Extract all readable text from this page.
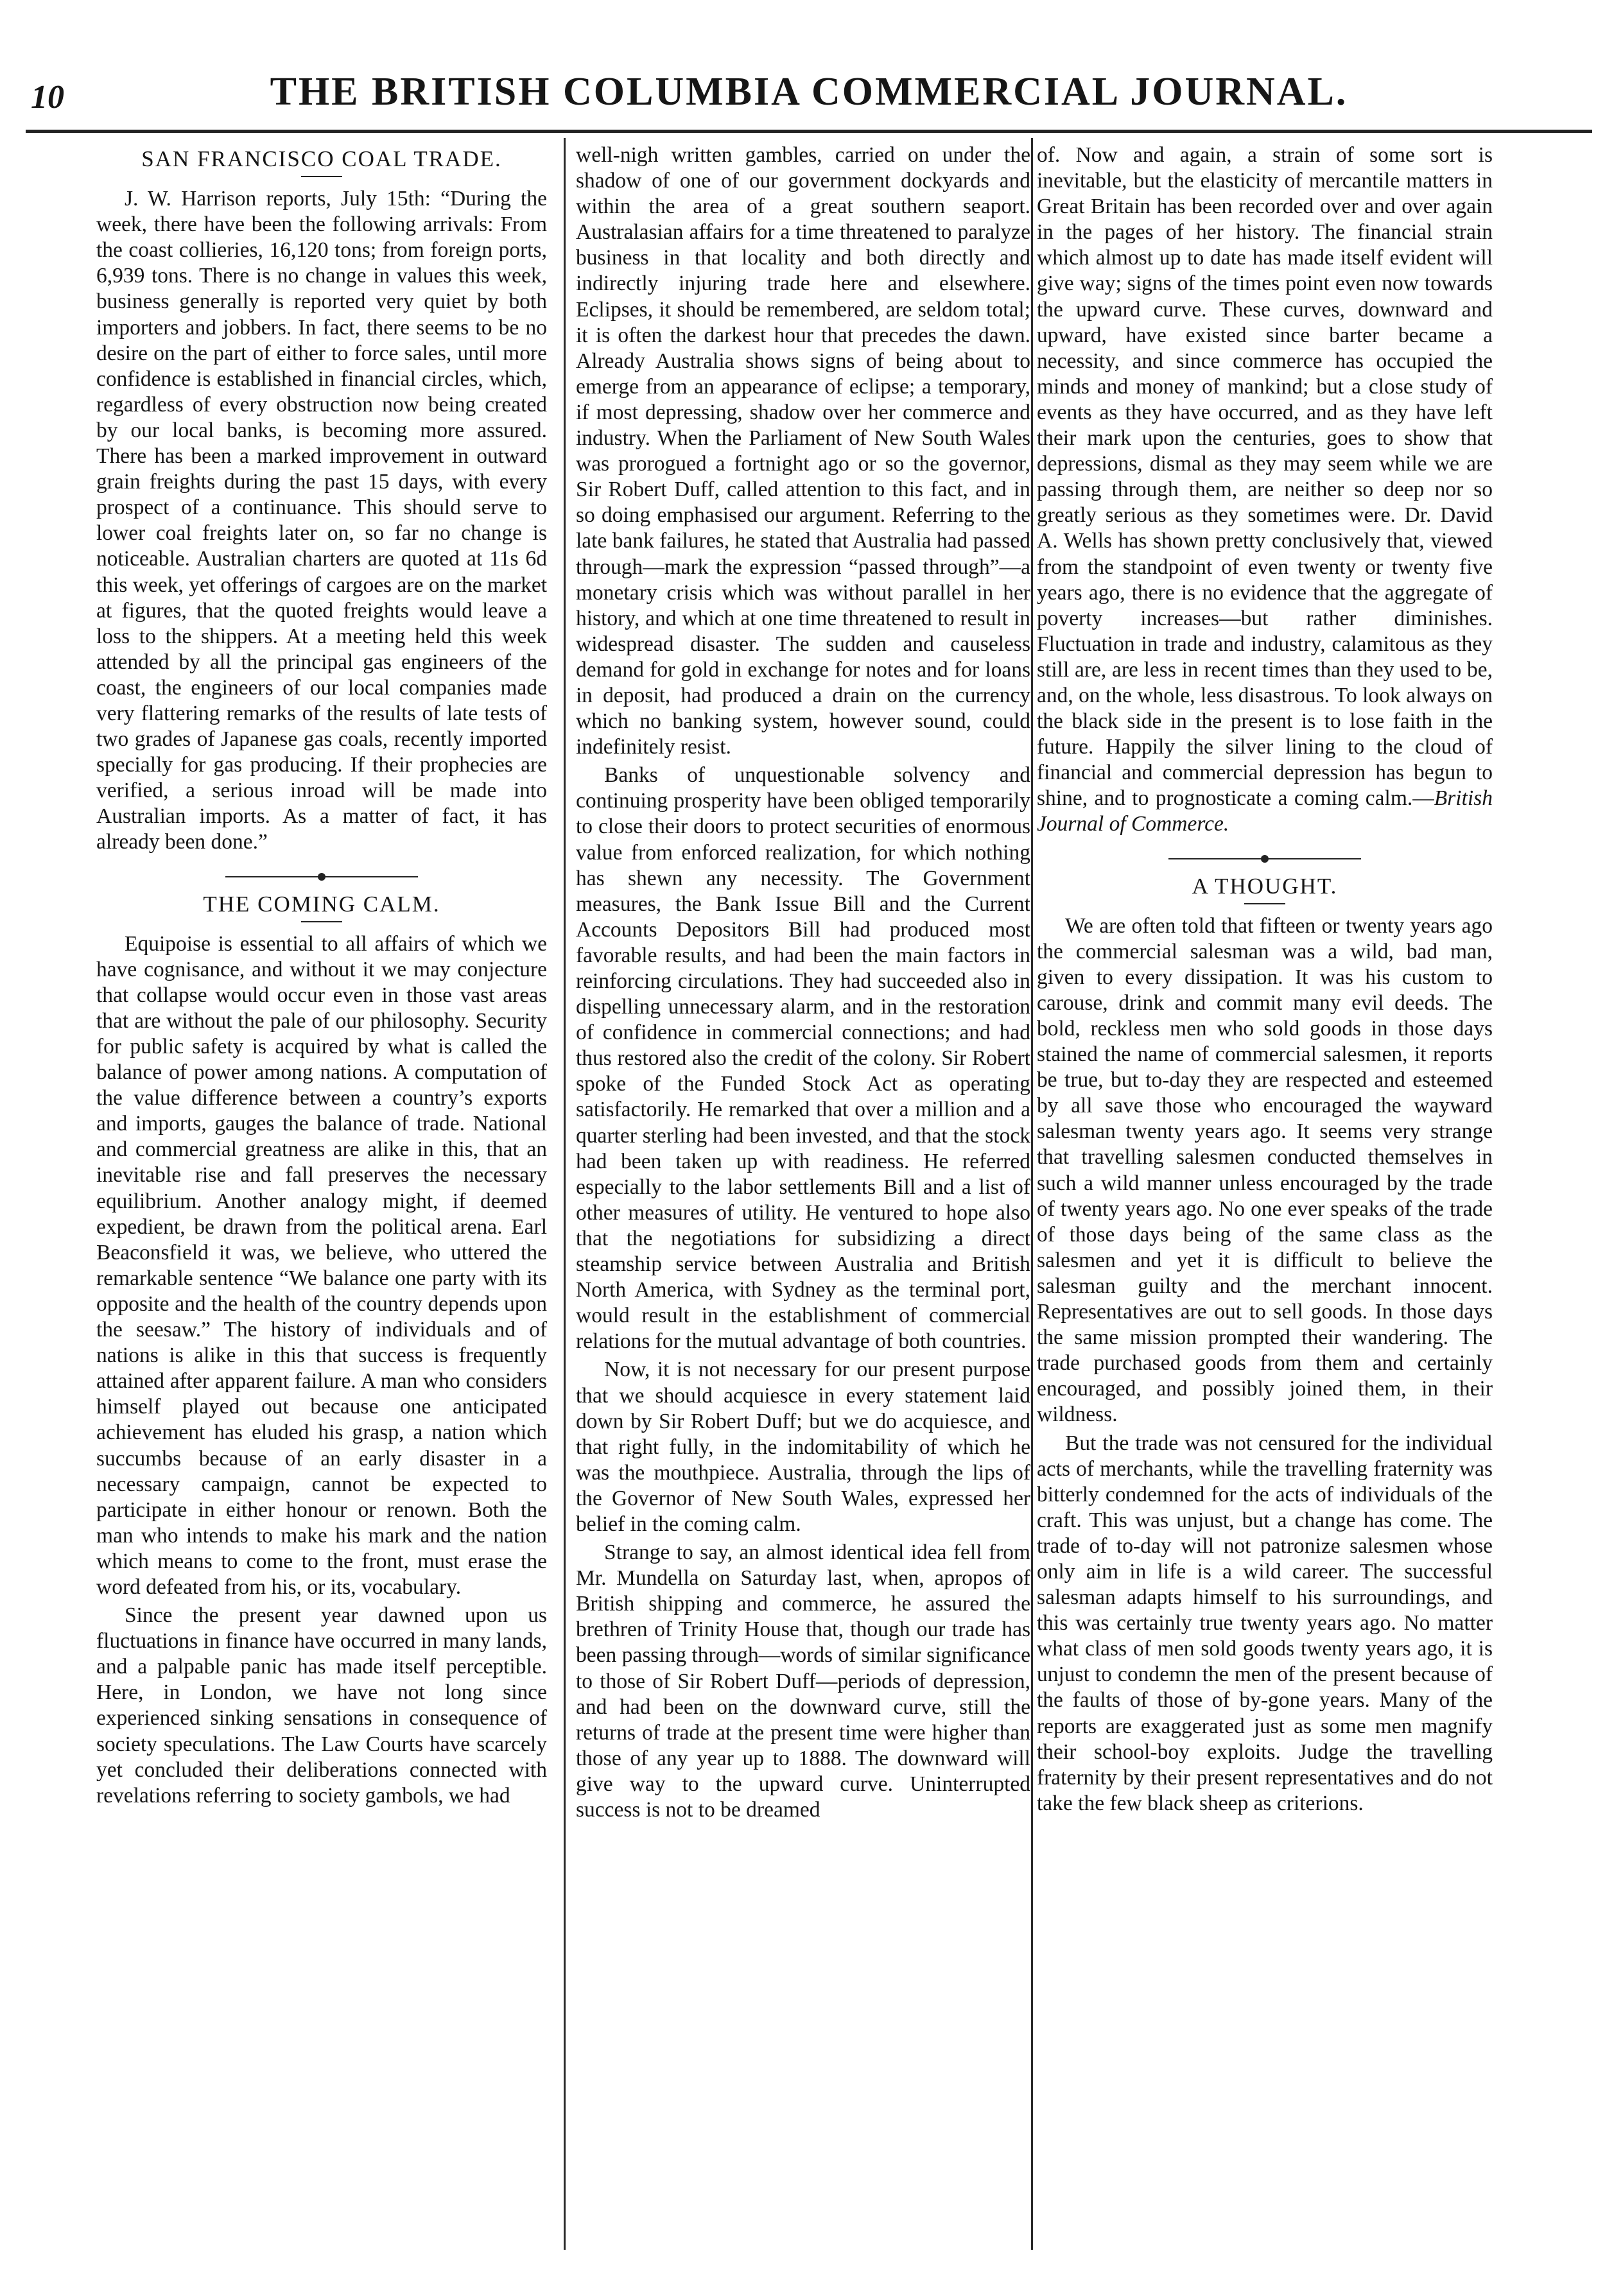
10	THE BRITISH COLUMBIA COMMERCIAL JOURNAL.
SAN FRANCISCO COAL TRADE.

J. W. Harrison reports, July 15th: “During the week, there have been the following arrivals: From the coast collieries, 16,120 tons; from foreign ports, 6,939 tons. There is no change in values this week, business generally is reported very quiet by both importers and jobbers. In fact, there seems to be no desire on the part of either to force sales, until more confidence is established in financial circles, which, regardless of every obstruction now being created by our local banks, is becoming more assured. There has been a marked improvement in outward grain freights during the past 15 days, with every prospect of a continuance. This should serve to lower coal freights later on, so far no change is noticeable. Australian charters are quoted at 11s 6d this week, yet offerings of cargoes are on the market at figures, that the quoted freights would leave a loss to the shippers. At a meeting held this week attended by all the principal gas engineers of the coast, the engineers of our local companies made very flattering remarks of the results of late tests of two grades of Japanese gas coals, recently imported specially for gas producing. If their prophecies are verified, a serious inroad will be made into Australian imports. As a matter of fact, it has already been done.”

THE COMING CALM.

Equipoise is essential to all affairs of which we have cognisance, and without it we may conjecture that collapse would occur even in those vast areas that are without the pale of our philosophy. Security for public safety is acquired by what is called the balance of power among nations. A computation of the value difference between a country’s exports and imports, gauges the balance of trade. National and commercial greatness are alike in this, that an inevitable rise and fall preserves the necessary equilibrium. Another analogy might, if deemed expedient, be drawn from the political arena. Earl Beaconsfield it was, we believe, who uttered the remarkable sentence “We balance one party with its opposite and the health of the country depends upon the seesaw.” The history of individuals and of nations is alike in this that success is frequently attained after apparent failure. A man who considers himself played out because one anticipated achievement has eluded his grasp, a nation which succumbs because of an early disaster in a necessary campaign, cannot be expected to participate in either honour or renown. Both the man who intends to make his mark and the nation which means to come to the front, must erase the word defeated from his, or its, vocabulary.

Since the present year dawned upon us fluctuations in finance have occurred in many lands, and a palpable panic has made itself perceptible. Here, in London, we have not long since experienced sinking sensations in consequence of society speculations. The Law Courts have scarcely yet concluded their deliberations connected with revelations referring to society gambols, we had

well-nigh written gambles, carried on under the shadow of one of our government dockyards and within the area of a great southern seaport. Australasian affairs for a time threatened to paralyze business in that locality and both directly and indirectly injuring trade here and elsewhere. Eclipses, it should be remembered, are seldom total; it is often the darkest hour that precedes the dawn. Already Australia shows signs of being about to emerge from an appearance of eclipse; a temporary, if most depressing, shadow over her commerce and industry. When the Parliament of New South Wales was prorogued a fortnight ago or so the governor, Sir Robert Duff, called attention to this fact, and in so doing emphasised our argument. Referring to the late bank failures, he stated that Australia had passed through—mark the expression “passed through”—a monetary crisis which was without parallel in her history, and which at one time threatened to result in widespread disaster. The sudden and causeless demand for gold in exchange for notes and for loans in deposit, had produced a drain on the currency which no banking system, however sound, could indefinitely resist.

Banks of unquestionable solvency and continuing prosperity have been obliged temporarily to close their doors to protect securities of enormous value from enforced realization, for which nothing has shewn any necessity. The Government measures, the Bank Issue Bill and the Current Accounts Depositors Bill had produced most favorable results, and had been the main factors in reinforcing circulations. They had succeeded also in dispelling unnecessary alarm, and in the restoration of confidence in commercial connections; and had thus restored also the credit of the colony. Sir Robert spoke of the Funded Stock Act as operating satisfactorily. He remarked that over a million and a quarter sterling had been invested, and that the stock had been taken up with readiness. He referred especially to the labor settlements Bill and a list of other measures of utility. He ventured to hope also that the negotiations for subsidizing a direct steamship service between Australia and British North America, with Sydney as the terminal port, would result in the establishment of commercial relations for the mutual advantage of both countries.

Now, it is not necessary for our present purpose that we should acquiesce in every statement laid down by Sir Robert Duff; but we do acquiesce, and that right fully, in the indomitability of which he was the mouthpiece. Australia, through the lips of the Governor of New South Wales, expressed her belief in the coming calm.

Strange to say, an almost identical idea fell from Mr. Mundella on Saturday last, when, apropos of British shipping and commerce, he assured the brethren of Trinity House that, though our trade has been passing through—words of similar significance to those of Sir Robert Duff—periods of depression, and had been on the downward curve, still the returns of trade at the present time were higher than those of any year up to 1888. The downward will give way to the upward curve. Uninterrupted success is not to be dreamed

of. Now and again, a strain of some sort is inevitable, but the elasticity of mercantile matters in Great Britain has been recorded over and over again in the pages of her history. The financial strain which almost up to date has made itself evident will give way; signs of the times point even now towards the upward curve. These curves, downward and upward, have existed since barter became a necessity, and since commerce has occupied the minds and money of mankind; but a close study of events as they have occurred, and as they have left their mark upon the centuries, goes to show that depressions, dismal as they may seem while we are passing through them, are neither so deep nor so greatly serious as they sometimes were. Dr. David A. Wells has shown pretty conclusively that, viewed from the standpoint of even twenty or twenty five years ago, there is no evidence that the aggregate of poverty increases—but rather diminishes. Fluctuation in trade and industry, calamitous as they still are, are less in recent times than they used to be, and, on the whole, less disastrous. To look always on the black side in the present is to lose faith in the future. Happily the silver lining to the cloud of financial and commercial depression has begun to shine, and to prognosticate a coming calm.—British Journal of Commerce.

A THOUGHT.

We are often told that fifteen or twenty years ago the commercial salesman was a wild, bad man, given to every dissipation. It was his custom to carouse, drink and commit many evil deeds. The bold, reckless men who sold goods in those days stained the name of commercial salesmen, it reports be true, but to-day they are respected and esteemed by all save those who encouraged the wayward salesman twenty years ago. It seems very strange that travelling salesmen conducted themselves in such a wild manner unless encouraged by the trade of twenty years ago. No one ever speaks of the trade of those days being of the same class as the salesmen and yet it is difficult to believe the salesman guilty and the merchant innocent. Representatives are out to sell goods. In those days the same mission prompted their wandering. The trade purchased goods from them and certainly encouraged, and possibly joined them, in their wildness.

But the trade was not censured for the individual acts of merchants, while the travelling fraternity was bitterly condemned for the acts of individuals of the craft. This was unjust, but a change has come. The trade of to-day will not patronize salesmen whose only aim in life is a wild career. The successful salesman adapts himself to his surroundings, and this was certainly true twenty years ago. No matter what class of men sold goods twenty years ago, it is unjust to condemn the men of the present because of the faults of those of by-gone years. Many of the reports are exaggerated just as some men magnify their school-boy exploits. Judge the travelling fraternity by their present representatives and do not take the few black sheep as criterions.
